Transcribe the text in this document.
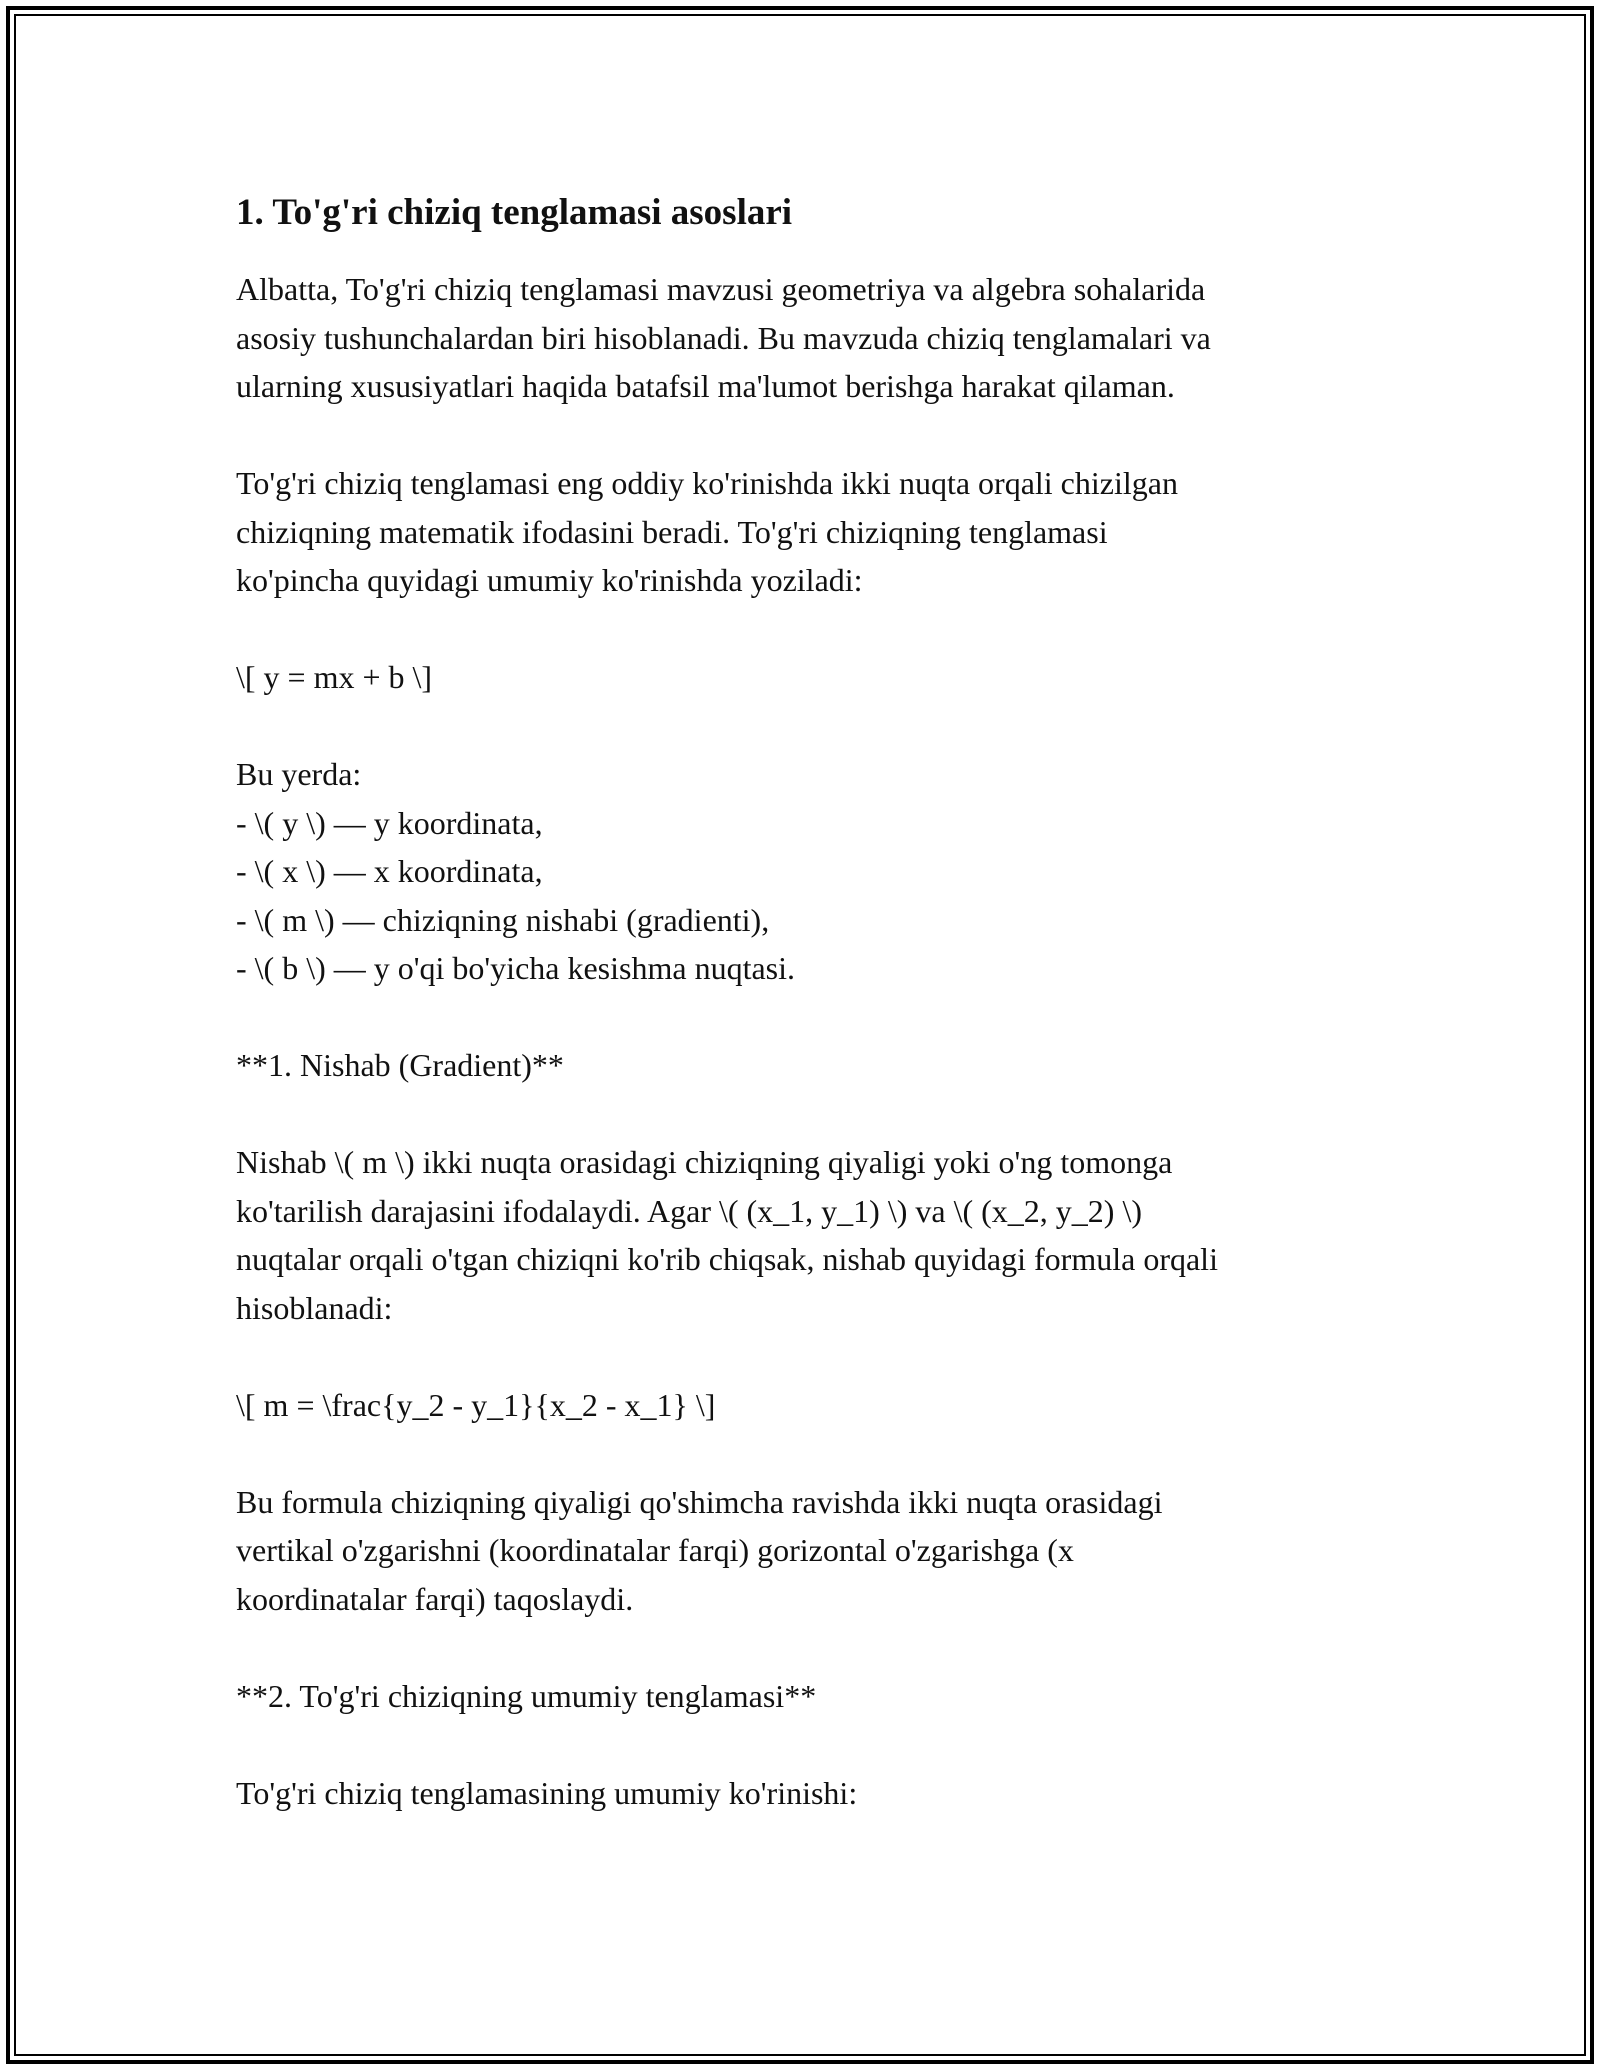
1. To'g'ri chiziq tenglamasi asoslari

Albatta, To'g'ri chiziq tenglamasi mavzusi geometriya va algebra sohalarida
asosiy tushunchalardan biri hisoblanadi. Bu mavzuda chiziq tenglamalari va
ularning xususiyatlari haqida batafsil ma'lumot berishga harakat qilaman.

To'g'ri chiziq tenglamasi eng oddiy ko'rinishda ikki nuqta orqali chizilgan
chiziqning matematik ifodasini beradi. To'g'ri chiziqning tenglamasi
ko'pincha quyidagi umumiy ko'rinishda yoziladi:

\[ y = mx + b \]

Bu yerda:
- \( y \) — y koordinata,
- \( x \) — x koordinata,
- \( m \) — chiziqning nishabi (gradienti),
- \( b \) — y o'qi bo'yicha kesishma nuqtasi.

**1. Nishab (Gradient)**

Nishab \( m \) ikki nuqta orasidagi chiziqning qiyaligi yoki o'ng tomonga
ko'tarilish darajasini ifodalaydi. Agar \( (x_1, y_1) \) va \( (x_2, y_2) \)
nuqtalar orqali o'tgan chiziqni ko'rib chiqsak, nishab quyidagi formula orqali
hisoblanadi:

\[ m = \frac{y_2 - y_1}{x_2 - x_1} \]

Bu formula chiziqning qiyaligi qo'shimcha ravishda ikki nuqta orasidagi
vertikal o'zgarishni (koordinatalar farqi) gorizontal o'zgarishga (x
koordinatalar farqi) taqoslaydi.

**2. To'g'ri chiziqning umumiy tenglamasi**

To'g'ri chiziq tenglamasining umumiy ko'rinishi:
